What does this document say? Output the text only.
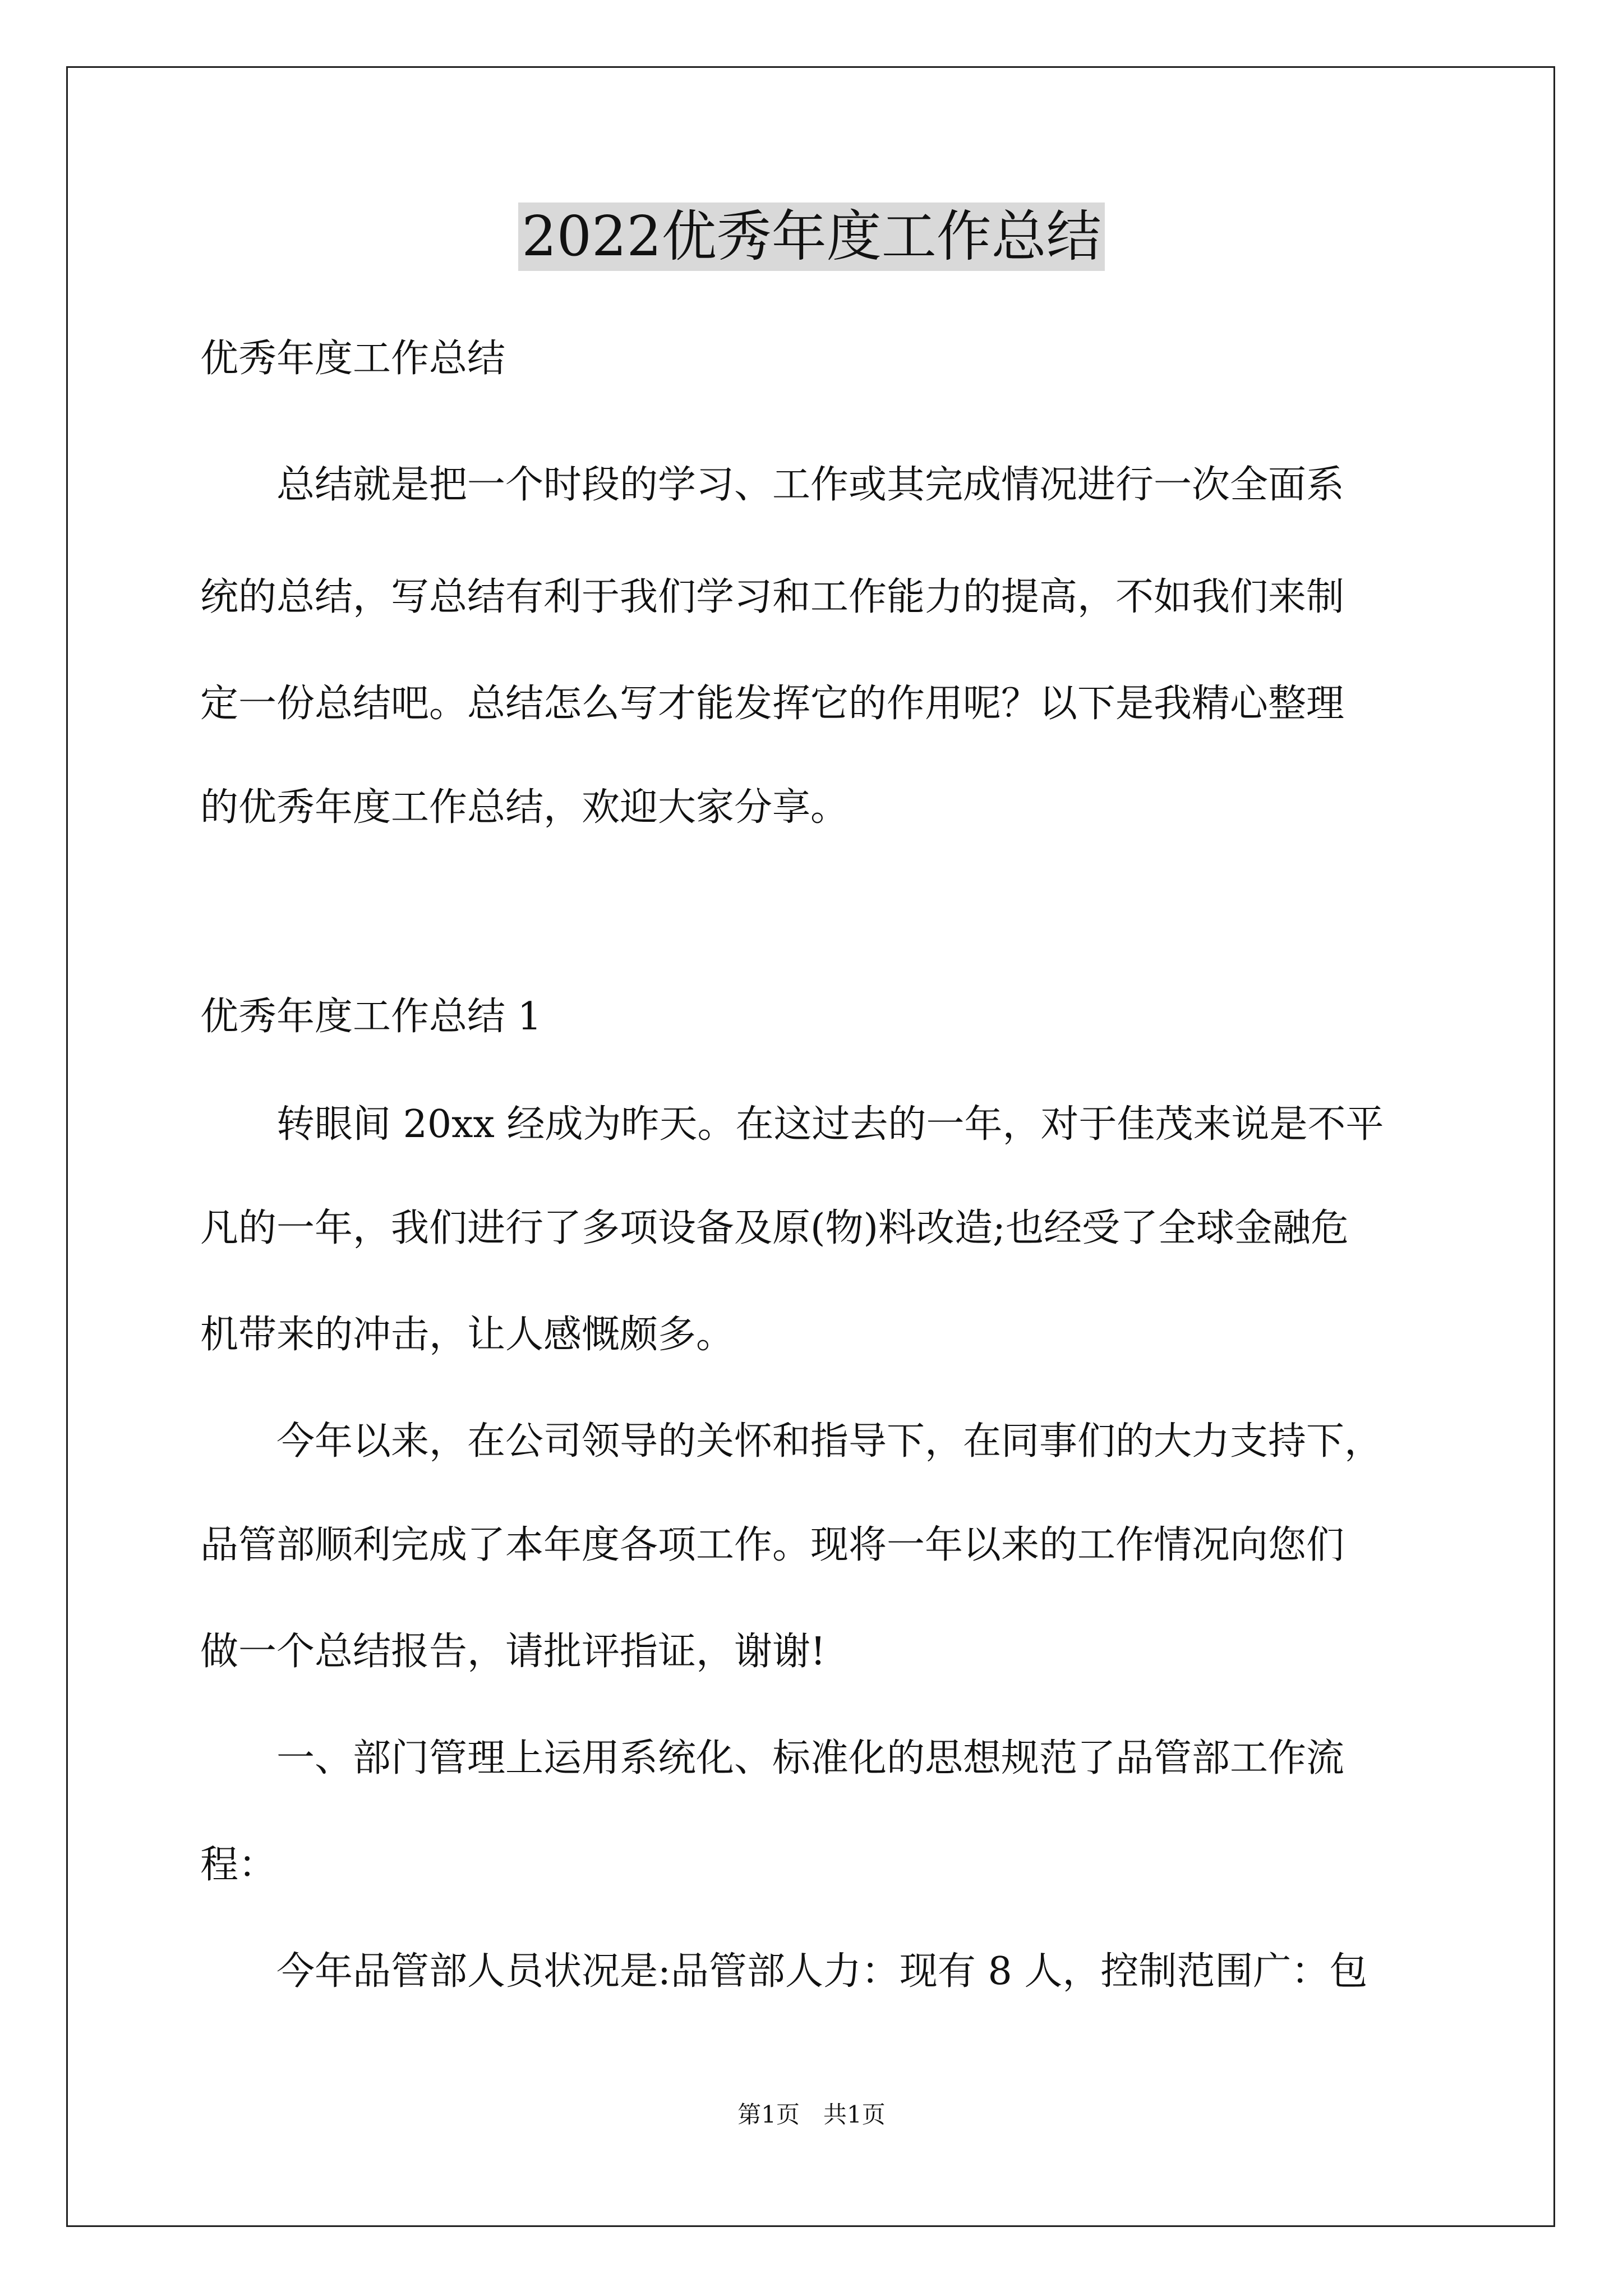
2022优秀年度工作总结

优秀年度工作总结

　　总结就是把一个时段的学习、工作或其完成情况进行一次全面系

统的总结，写总结有利于我们学习和工作能力的提高，不如我们来制

定一份总结吧。总结怎么写才能发挥它的作用呢？以下是我精心整理

的优秀年度工作总结，欢迎大家分享。

优秀年度工作总结 1

　　转眼间 20xx 经成为昨天。在这过去的一年，对于佳茂来说是不平

凡的一年，我们进行了多项设备及原(物)料改造;也经受了全球金融危

机带来的冲击，让人感慨颇多。

　　今年以来，在公司领导的关怀和指导下，在同事们的大力支持下，

品管部顺利完成了本年度各项工作。现将一年以来的工作情况向您们

做一个总结报告，请批评指证，谢谢!

　　一、部门管理上运用系统化、标准化的思想规范了品管部工作流

程：

　　今年品管部人员状况是:品管部人力：现有 8 人，控制范围广：包

第1页　共1页
